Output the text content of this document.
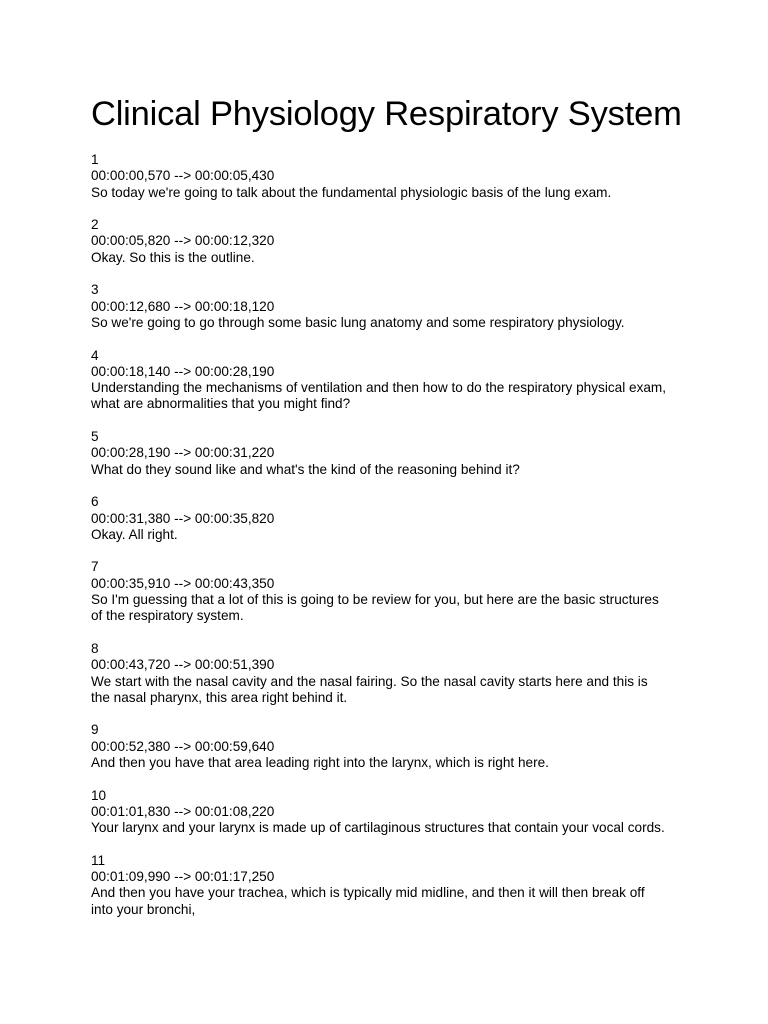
Clinical Physiology Respiratory System
1
00:00:00,570 --> 00:00:05,430
So today we're going to talk about the fundamental physiologic basis of the lung exam.
2
00:00:05,820 --> 00:00:12,320
Okay. So this is the outline.
3
00:00:12,680 --> 00:00:18,120
So we're going to go through some basic lung anatomy and some respiratory physiology.
4
00:00:18,140 --> 00:00:28,190
Understanding the mechanisms of ventilation and then how to do the respiratory physical exam,
what are abnormalities that you might find?
5
00:00:28,190 --> 00:00:31,220
What do they sound like and what's the kind of the reasoning behind it?
6
00:00:31,380 --> 00:00:35,820
Okay. All right.
7
00:00:35,910 --> 00:00:43,350
So I'm guessing that a lot of this is going to be review for you, but here are the basic structures
of the respiratory system.
8
00:00:43,720 --> 00:00:51,390
We start with the nasal cavity and the nasal fairing. So the nasal cavity starts here and this is
the nasal pharynx, this area right behind it.
9
00:00:52,380 --> 00:00:59,640
And then you have that area leading right into the larynx, which is right here.
10
00:01:01,830 --> 00:01:08,220
Your larynx and your larynx is made up of cartilaginous structures that contain your vocal cords.
11
00:01:09,990 --> 00:01:17,250
And then you have your trachea, which is typically mid midline, and then it will then break off
into your bronchi,
